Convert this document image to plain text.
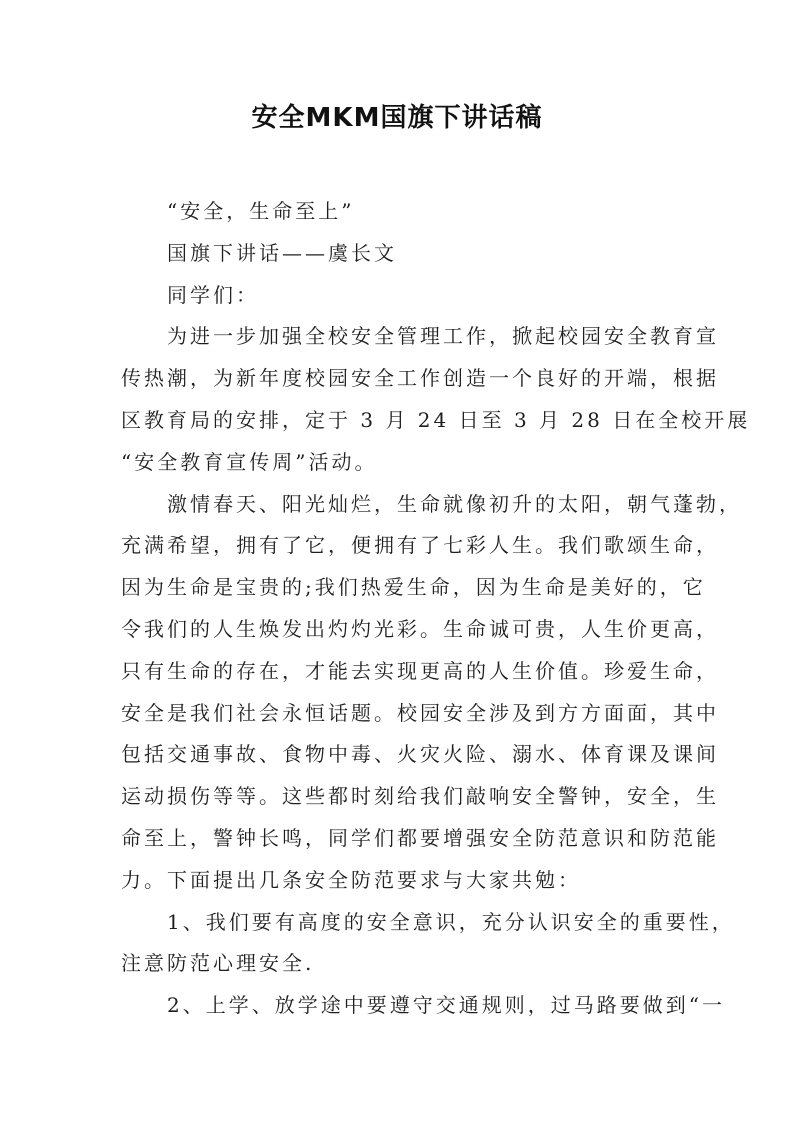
安全MKM国旗下讲话稿
“安全，生命至上”
国旗下讲话——虞长文
同学们：
为进一步加强全校安全管理工作，掀起校园安全教育宣
传热潮，为新年度校园安全工作创造一个良好的开端，根据
区教育局的安排，定于 3 月 24 日至 3 月 28 日在全校开展
“安全教育宣传周”活动。
激情春天、阳光灿烂，生命就像初升的太阳，朝气蓬勃，
充满希望，拥有了它，便拥有了七彩人生。我们歌颂生命，
因为生命是宝贵的;我们热爱生命，因为生命是美好的，它
令我们的人生焕发出灼灼光彩。生命诚可贵，人生价更高，
只有生命的存在，才能去实现更高的人生价值。珍爱生命，
安全是我们社会永恒话题。校园安全涉及到方方面面，其中
包括交通事故、食物中毒、火灾火险、溺水、体育课及课间
运动损伤等等。这些都时刻给我们敲响安全警钟，安全，生
命至上，警钟长鸣，同学们都要增强安全防范意识和防范能
力。下面提出几条安全防范要求与大家共勉：
1、我们要有高度的安全意识，充分认识安全的重要性，
注意防范心理安全.
2、上学、放学途中要遵守交通规则，过马路要做到“一
